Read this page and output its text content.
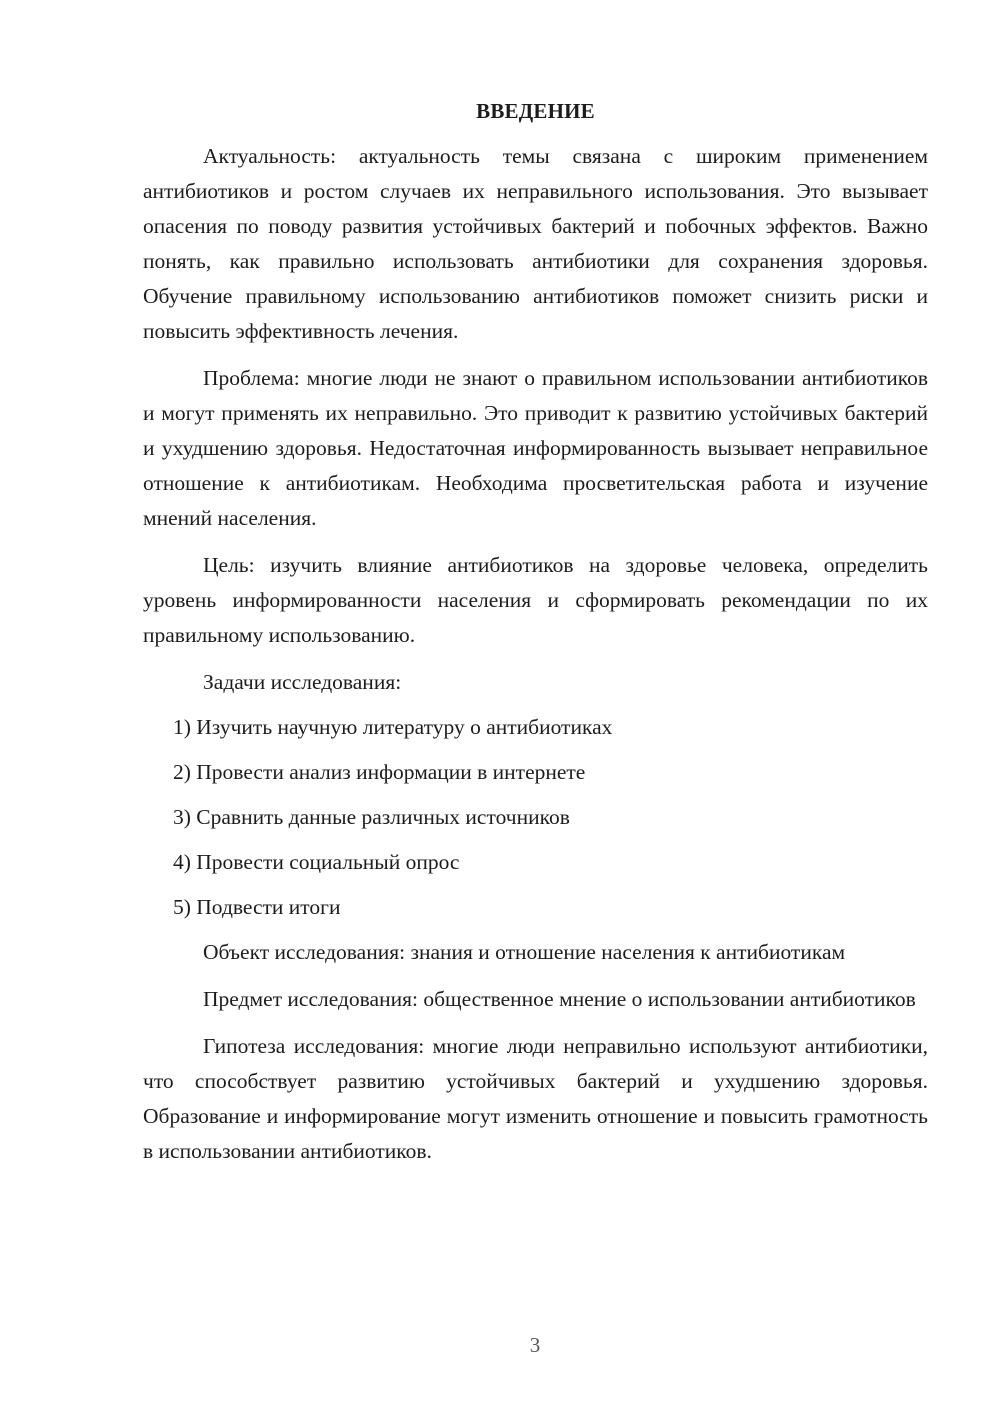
ВВЕДЕНИЕ

Актуальность: актуальность темы связана с широким применением антибиотиков и ростом случаев их неправильного использования. Это вызывает опасения по поводу развития устойчивых бактерий и побочных эффектов. Важно понять, как правильно использовать антибиотики для сохранения здоровья. Обучение правильному использованию антибиотиков поможет снизить риски и повысить эффективность лечения.

Проблема: многие люди не знают о правильном использовании антибиотиков и могут применять их неправильно. Это приводит к развитию устойчивых бактерий и ухудшению здоровья. Недостаточная информированность вызывает неправильное отношение к антибиотикам. Необходима просветительская работа и изучение мнений населения.

Цель: изучить влияние антибиотиков на здоровье человека, определить уровень информированности населения и сформировать рекомендации по их правильному использованию.

Задачи исследования:

1) Изучить научную литературу о антибиотиках
2) Провести анализ информации в интернете
3) Сравнить данные различных источников
4) Провести социальный опрос
5) Подвести итоги

Объект исследования: знания и отношение населения к антибиотикам

Предмет исследования: общественное мнение о использовании антибиотиков

Гипотеза исследования: многие люди неправильно используют антибиотики, что способствует развитию устойчивых бактерий и ухудшению здоровья. Образование и информирование могут изменить отношение и повысить грамотность в использовании антибиотиков.

3
